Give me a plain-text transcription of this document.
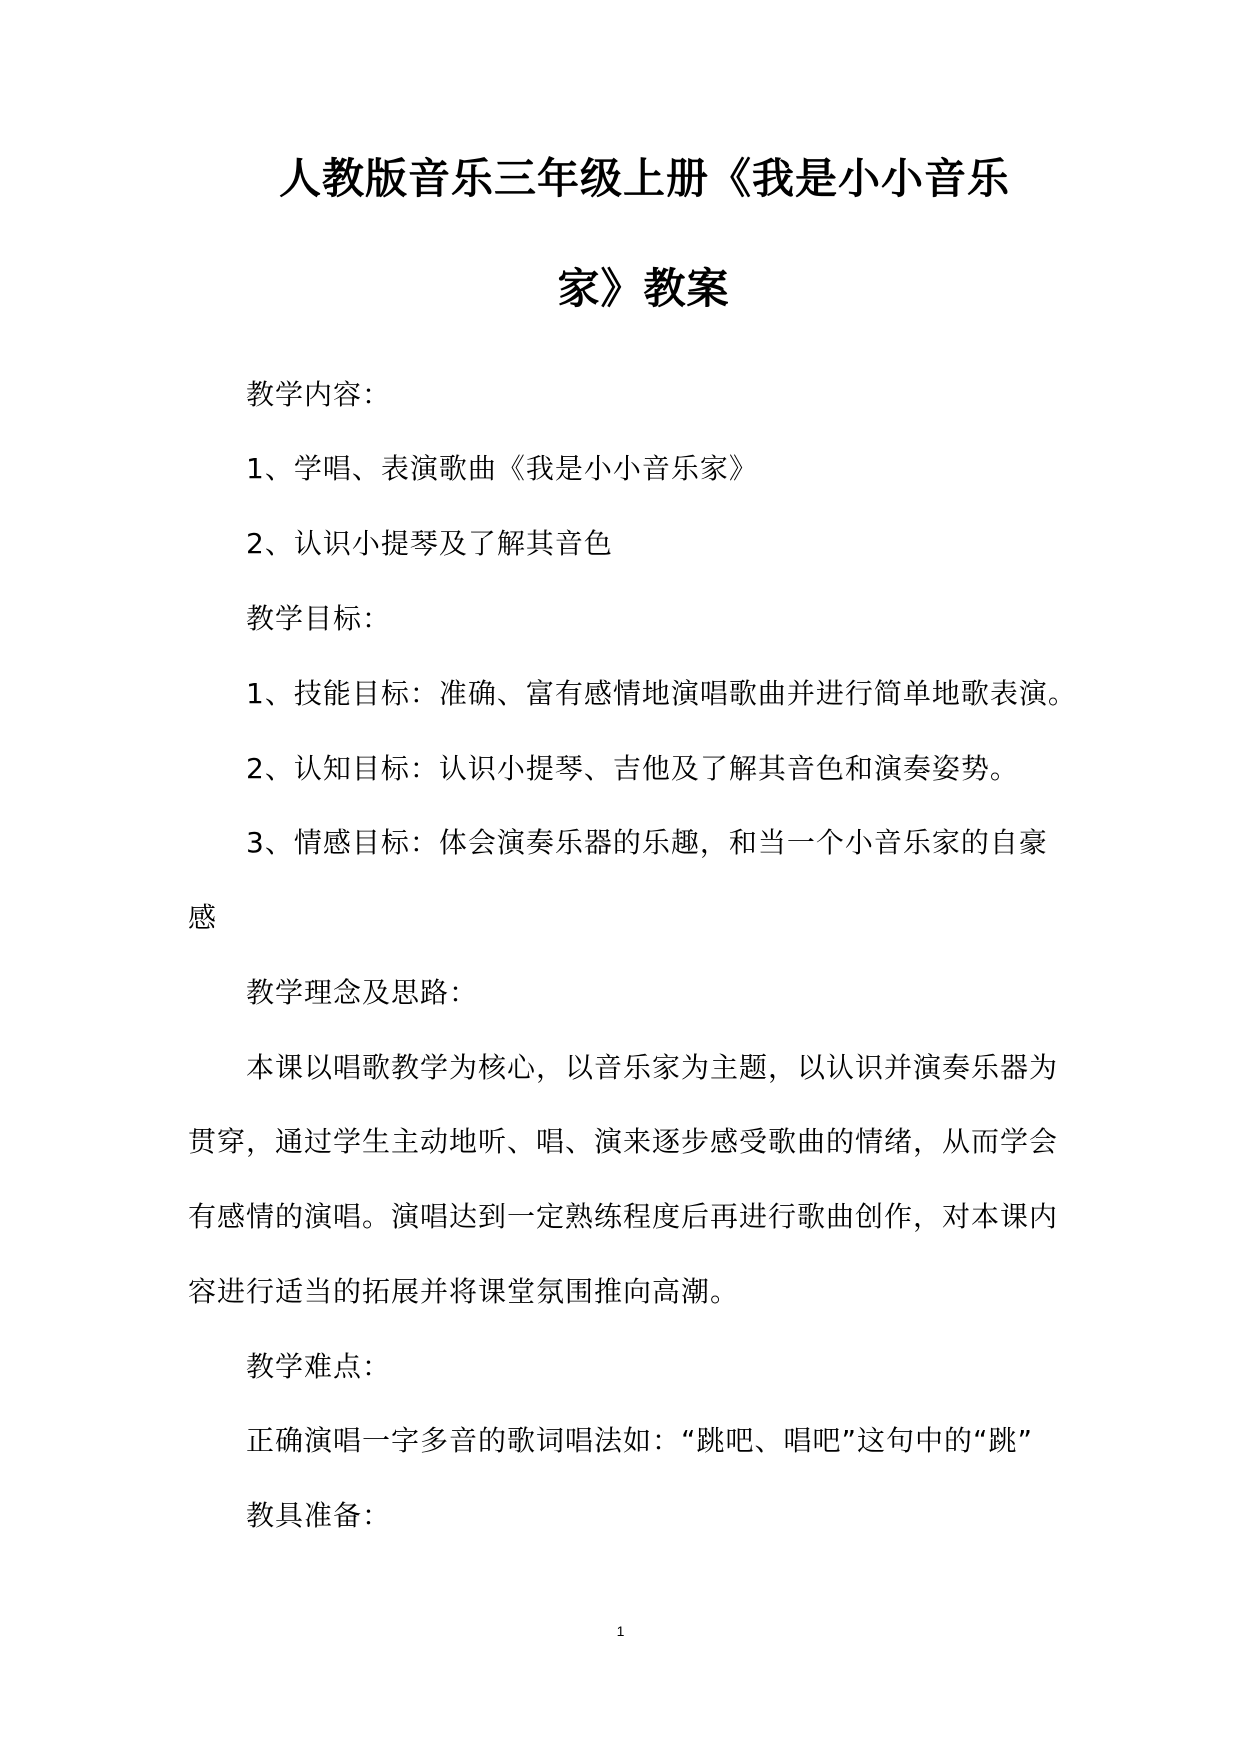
人教版音乐三年级上册《我是小小音乐
家》教案

教学内容：

1、学唱、表演歌曲《我是小小音乐家》

2、认识小提琴及了解其音色

教学目标：

1、技能目标：准确、富有感情地演唱歌曲并进行简单地歌表演。

2、认知目标：认识小提琴、吉他及了解其音色和演奏姿势。

3、情感目标：体会演奏乐器的乐趣，和当一个小音乐家的自豪

感

教学理念及思路：

本课以唱歌教学为核心，以音乐家为主题，以认识并演奏乐器为

贯穿，通过学生主动地听、唱、演来逐步感受歌曲的情绪，从而学会

有感情的演唱。演唱达到一定熟练程度后再进行歌曲创作，对本课内

容进行适当的拓展并将课堂氛围推向高潮。

教学难点：

正确演唱一字多音的歌词唱法如：“跳吧、唱吧”这句中的“跳”

教具准备：

1
